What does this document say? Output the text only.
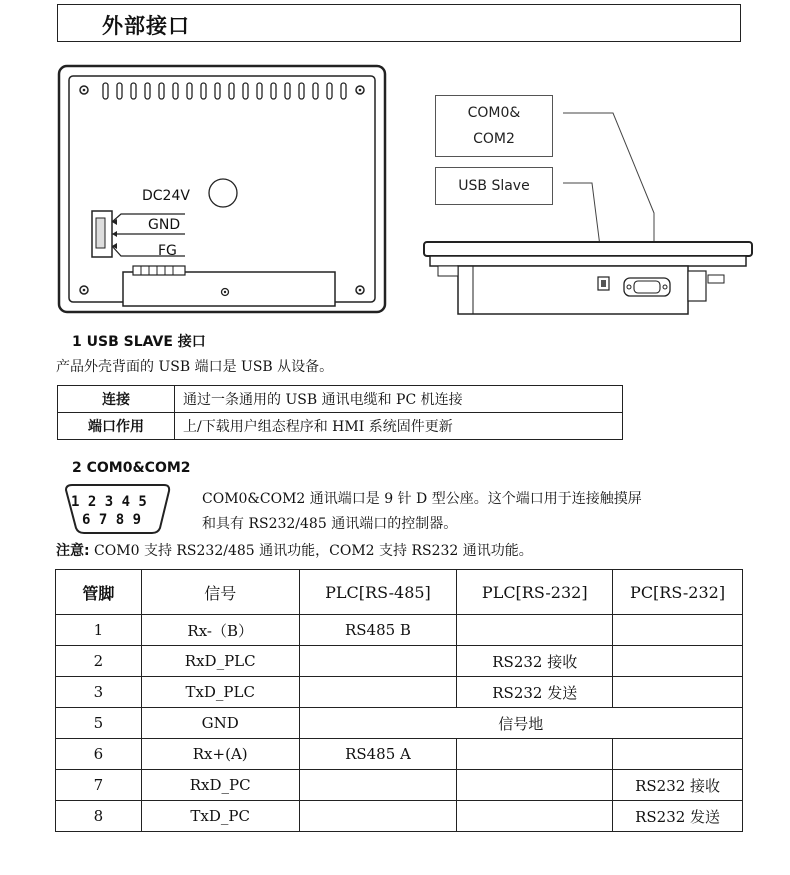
外部接口
DC24V
GND
FG
COM0&
COM2
USB Slave
1 USB SLAVE 接口
产品外壳背面的 USB 端口是 USB 从设备。
连接	通过一条通用的 USB 通讯电缆和 PC 机连接
端口作用	上/下载用户组态程序和 HMI 系统固件更新
2 COM0&COM2
1 2 3 4 5
6 7 8 9
COM0&COM2 通讯端口是 9 针 D 型公座。这个端口用于连接触摸屏
和具有 RS232/485 通讯端口的控制器。
注意: COM0 支持 RS232/485 通讯功能，COM2 支持 RS232 通讯功能。
管脚	信号	PLC[RS-485]	PLC[RS-232]	PC[RS-232]
1	Rx-（B）	RS485 B		
2	RxD_PLC		RS232 接收	
3	TxD_PLC		RS232 发送	
5	GND	信号地		
6	Rx+(A)	RS485 A		
7	RxD_PC			RS232 接收
8	TxD_PC			RS232 发送
